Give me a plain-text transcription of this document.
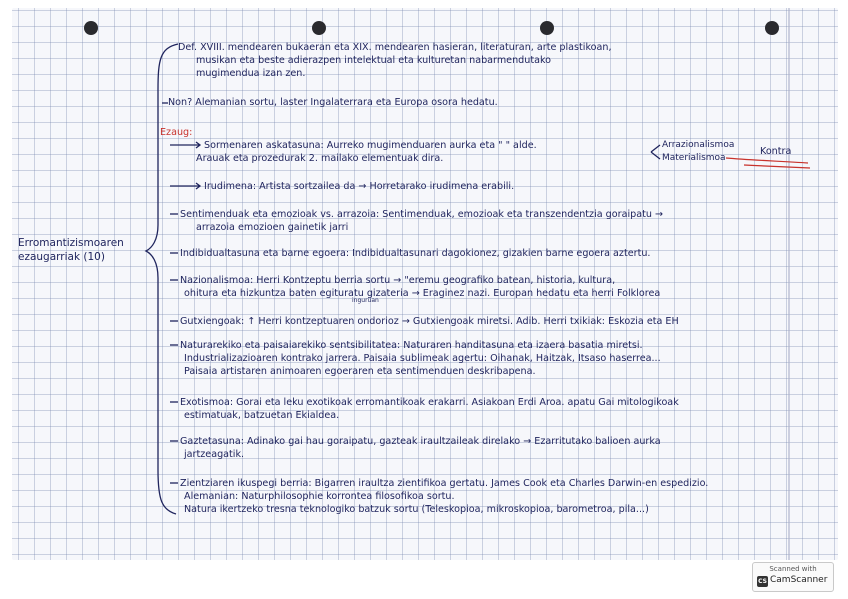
Erromantizismoaren ezaugarriak (10)
Def. XVIII. mendearen bukaeran eta XIX. mendearen hasieran, literaturan, arte plastikoan,
musikan eta beste adierazpen intelektual eta kulturetan nabarmendutako
mugimendua izan zen.
Non? Alemanian sortu, laster Ingalaterrara eta Europa osora hedatu.
Ezaug:
Sormenaren askatasuna: Aurreko mugimenduaren aurka eta " " alde.
Arauak eta prozedurak 2. mailako elementuak dira.
Arrazionalismoa
Materialismoa
Kontra
Irudimena: Artista sortzailea da → Horretarako irudimena erabili.
Sentimenduak eta emozioak vs. arrazoia: Sentimenduak, emozioak eta transzendentzia goraipatu →
arrazoia emozioen gainetik jarri
Indibidualtasuna eta barne egoera: Indibidualtasunari dagokionez, gizakien barne egoera aztertu.
Nazionalismoa: Herri Kontzeptu berria sortu → "eremu geografiko batean, historia, kultura,
ohitura eta hizkuntza baten egituratu gizateria → Eraginez nazi. Europan hedatu eta herri Folklorea
inguruan
Gutxiengoak: ↑ Herri kontzeptuaren ondorioz → Gutxiengoak miretsi. Adib. Herri txikiak: Eskozia eta EH
Naturarekiko eta paisaiarekiko sentsibilitatea: Naturaren handitasuna eta izaera basatia miretsi.
Industrializazioaren kontrako jarrera. Paisaia sublimeak agertu: Oihanak, Haitzak, Itsaso haserrea...
Paisaia artistaren animoaren egoeraren eta sentimenduen deskribapena.
Exotismoa: Gorai eta leku exotikoak erromantikoak erakarri. Asiakoan Erdi Aroa. apatu Gai mitologikoak
estimatuak, batzuetan Ekialdea.
Gaztetasuna: Adinako gai hau goraipatu, gazteak iraultzaileak direlako → Ezarritutako balioen aurka
jartzeagatik.
Zientziaren ikuspegi berria: Bigarren iraultza zientifikoa gertatu. James Cook eta Charles Darwin-en espedizio.
Alemanian: Naturphilosophie korrontea filosofikoa sortu.
Natura ikertzeko tresna teknologiko batzuk sortu (Teleskopioa, mikroskopioa, barometroa, pila...)
Scanned with
CS CamScanner
